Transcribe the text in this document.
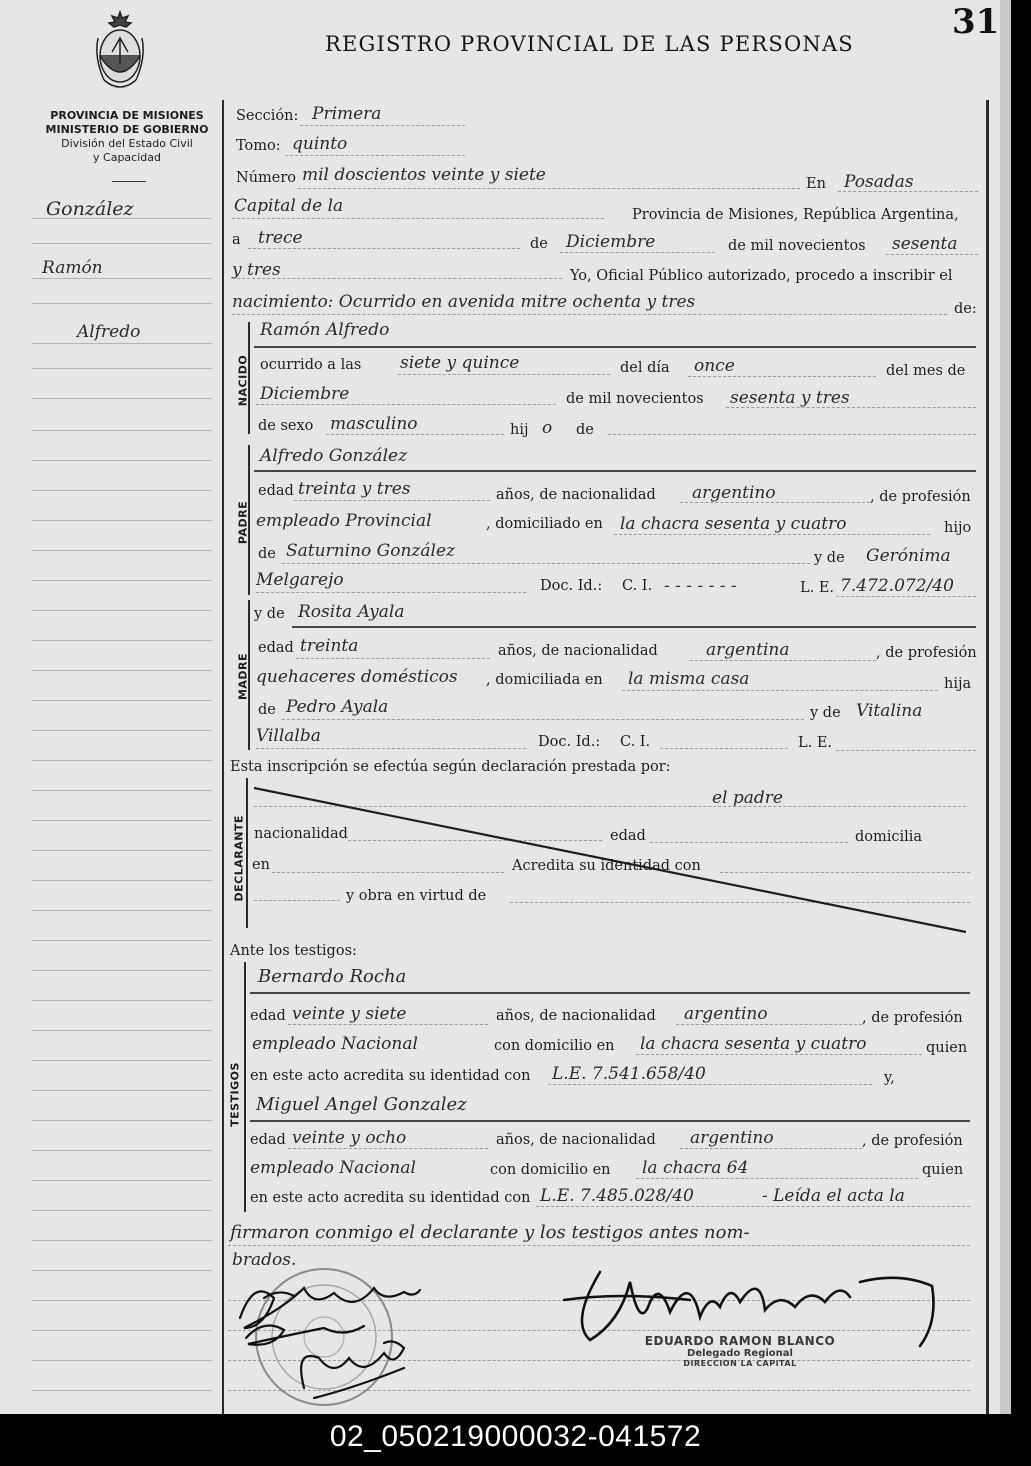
REGISTRO PROVINCIAL DE LAS PERSONAS
31
PROVINCIA DE MISIONES
MINISTERIO DE GOBIERNO
División del Estado Civil
y Capacidad
González
Ramón
Alfredo
Sección: Primera
Tomo: quinto
Número mil doscientos veinte y siete	En Posadas
Capital de la	Provincia de Misiones, República Argentina,
a trece	de Diciembre	de mil novecientos sesenta
y tres	Yo, Oficial Público autorizado, procedo a inscribir el
nacimiento: Ocurrido en avenida mitre ochenta y tres	de:
NACIDO
Ramón Alfredo
ocurrido a las siete y quince	del día once	del mes de
Diciembre	de mil novecientos sesenta y tres
de sexo masculino	hij o de
PADRE
Alfredo González
edad treinta y tres	años, de nacionalidad argentino	, de profesión
empleado Provincial	, domiciliado en la chacra sesenta y cuatro	hijo
de Saturnino González	y de Gerónima
Melgarejo	Doc. Id.: C. I. - - - - - - -	L. E. 7.472.072/40
MADRE
y de Rosita Ayala
edad treinta	años, de nacionalidad	argentina	, de profesión
quehaceres domésticos , domiciliada en la misma casa	hija
de Pedro Ayala	y de Vitalina
Villalba	Doc. Id.: C. I.	L. E.
Esta inscripción se efectúa según declaración prestada por:
DECLARANTE
el padre
nacionalidad	edad	domicilia
en	Acredita su identidad con
y obra en virtud de
Ante los testigos:
TESTIGOS
Bernardo Rocha
edad veinte y siete	años, de nacionalidad argentino	, de profesión
empleado Nacional	con domicilio en la chacra sesenta y cuatro	quien
en este acto acredita su identidad con L.E. 7.541.658/40	y,
Miguel Angel Gonzalez
edad veinte y ocho	años, de nacionalidad argentino	, de profesión
empleado Nacional	con domicilio en la chacra 64	quien
en este acto acredita su identidad con L.E. 7.485.028/40	- Leída el acta la
firmaron conmigo el declarante y los testigos antes nom-
brados.
EDUARDO RAMON BLANCO
Delegado Regional
DIRECCION LA CAPITAL
02_050219000032-041572
